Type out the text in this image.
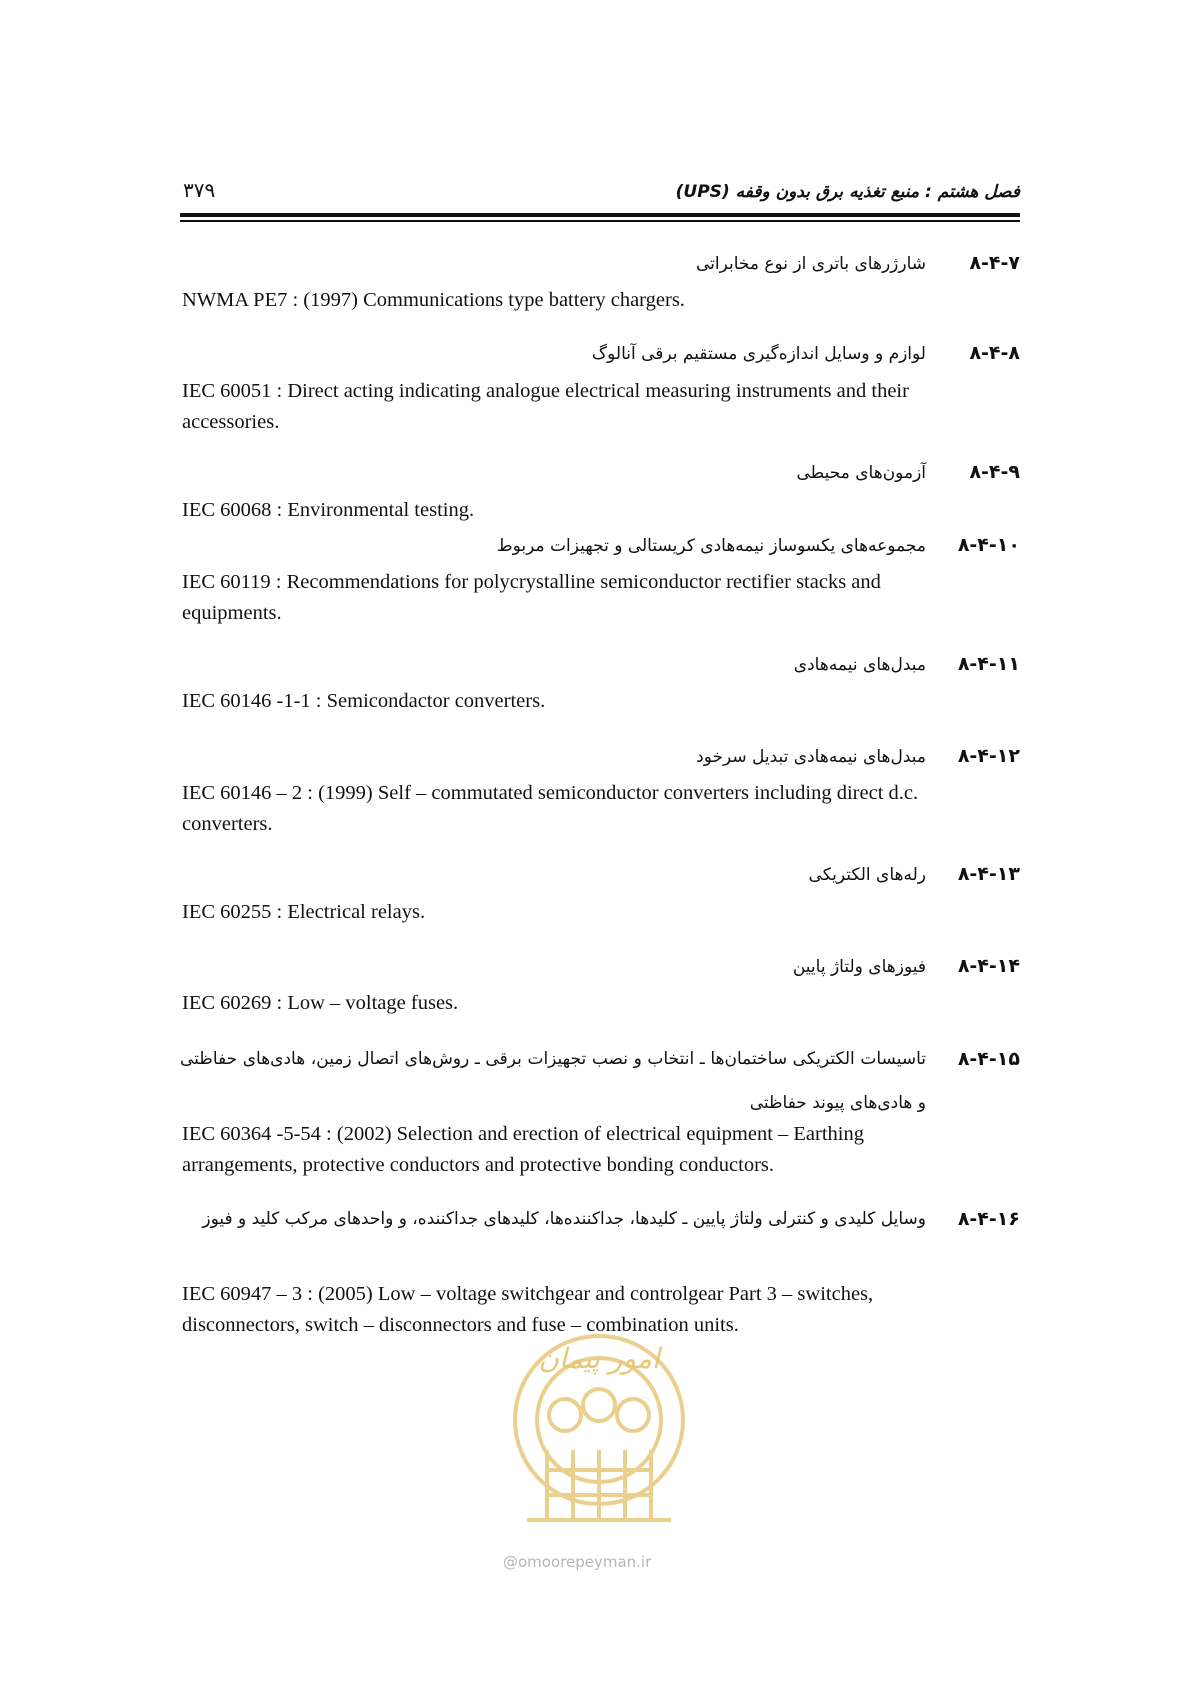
۳۷۹	فصل هشتم : منبع تغذیه برق بدون وقفه (UPS)
۸-۴-۷شارژرهای باتری از نوع مخابراتی
NWMA PE7 : (1997) Communications type battery chargers.
۸-۴-۸لوازم و وسایل اندازه‌گیری مستقیم برقی آنالوگ
IEC 60051 : Direct acting indicating analogue electrical measuring instruments and their accessories.
۸-۴-۹آزمون‌های محیطی
IEC 60068 : Environmental testing.
۸-۴-۱۰مجموعه‌های یکسوساز نیمه‌هادی کریستالی و تجهیزات مربوط
IEC 60119 : Recommendations for polycrystalline semiconductor rectifier stacks and equipments.
۸-۴-۱۱مبدل‌های نیمه‌هادی
IEC 60146 -1-1 : Semicondactor converters.
۸-۴-۱۲مبدل‌های نیمه‌هادی تبدیل سرخود
IEC 60146 – 2 : (1999) Self – commutated semiconductor converters including direct d.c. converters.
۸-۴-۱۳رله‌های الکتریکی
IEC 60255 : Electrical relays.
۸-۴-۱۴فیوزهای ولتاژ پایین
IEC 60269 : Low – voltage fuses.
۸-۴-۱۵
تاسیسات الکتریکی ساختمان‌ها ـ انتخاب و نصب تجهیزات برقی ـ روش‌های اتصال زمین، هادی‌های حفاظتی و هادی‌های پیوند حفاظتی
IEC 60364 -5-54 : (2002) Selection and erection of electrical equipment – Earthing arrangements, protective conductors and protective bonding conductors.
۸-۴-۱۶
وسایل کلیدی و کنترلی ولتاژ پایین ـ کلیدها، جداکننده‌ها، کلیدهای جداکننده، و واحدهای مرکب کلید و فیوز
IEC 60947 – 3 : (2005) Low – voltage switchgear and controlgear Part 3 – switches, disconnectors, switch – disconnectors and fuse – combination units.
امور پیمان
@omoorepeyman.ir
